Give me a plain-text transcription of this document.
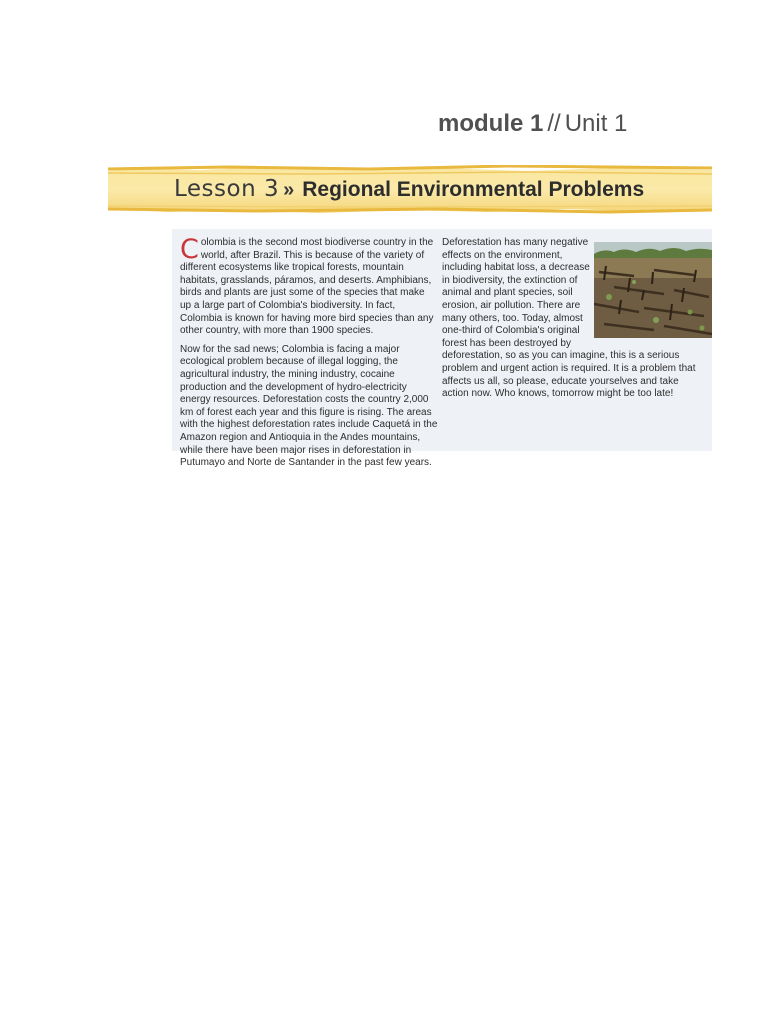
module 1 // Unit 1
Lesson 3 » Regional Environmental Problems

Colombia is the second most biodiverse country in the world, after Brazil. This is because of the variety of different ecosystems like tropical forests, mountain habitats, grasslands, páramos, and deserts. Amphibians, birds and plants are just some of the species that make up a large part of Colombia's biodiversity. In fact, Colombia is known for having more bird species than any other country, with more than 1900 species.

Now for the sad news; Colombia is facing a major ecological problem because of illegal logging, the agricultural industry, the mining industry, cocaine production and the development of hydro-electricity energy resources. Deforestation costs the country 2,000 km of forest each year and this figure is rising. The areas with the highest deforestation rates include Caquetá in the Amazon region and Antioquia in the Andes mountains, while there have been major rises in deforestation in Putumayo and Norte de Santander in the past few years.

Deforestation has many negative effects on the environment, including habitat loss, a decrease in biodiversity, the extinction of animal and plant species, soil erosion, air pollution. There are many others, too. Today, almost one-third of Colombia's original forest has been destroyed by deforestation, so as you can imagine, this is a serious problem and urgent action is required. It is a problem that affects us all, so please, educate yourselves and take action now. Who knows, tomorrow might be too late!
